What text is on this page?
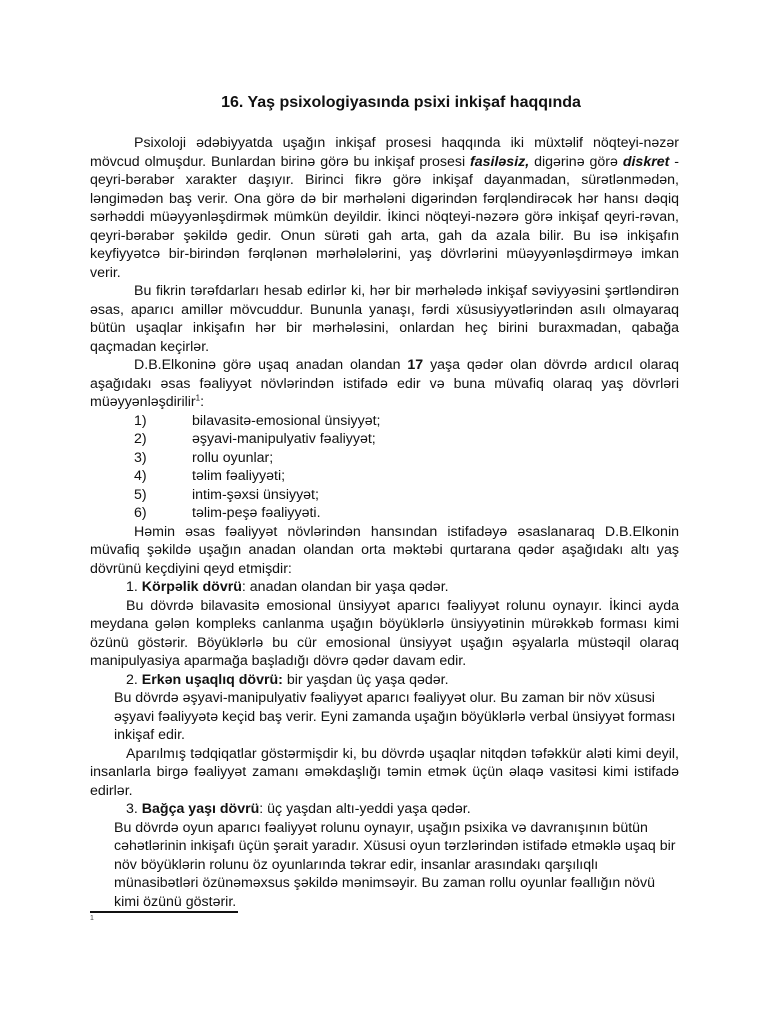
16. Yaş psixologiyasında psixi inkişaf haqqında

Psixoloji ədəbiyyatda uşağın inkişaf prosesi haqqında iki müxtəlif nöqteyi-nəzər mövcud olmuşdur. Bunlardan birinə görə bu inkişaf prosesi fasiləsiz, digərinə görə diskret - qeyri-bərabər xarakter daşıyır. Birinci fikrə görə inkişaf dayanmadan, sürətlənmədən, ləngimədən baş verir. Ona görə də bir mərhələni digərindən fərqləndirəcək hər hansı dəqiq sərhəddi müəyyənləşdirmək mümkün deyildir. İkinci nöqteyi-nəzərə görə inkişaf qeyri-rəvan, qeyri-bərabər şəkildə gedir. Onun sürəti gah arta, gah da azala bilir. Bu isə inkişafın keyfiyyətcə bir-birindən fərqlənən mərhələlərini, yaş dövrlərini müəyyənləşdirməyə imkan verir.

Bu fikrin tərəfdarları hesab edirlər ki, hər bir mərhələdə inkişaf səviyyəsini şərtləndirən əsas, aparıcı amillər mövcuddur. Bununla yanaşı, fərdi xüsusiyyətlərindən asılı olmayaraq bütün uşaqlar inkişafın hər bir mərhələsini, onlardan heç birini buraxmadan, qabağa qaçmadan keçirlər.

D.B.Elkoninə görə uşaq anadan olandan 17 yaşa qədər olan dövrdə ardıcıl olaraq aşağıdakı əsas fəaliyyət növlərindən istifadə edir və buna müvafiq olaraq yaş dövrləri müəyyənləşdirilir$^1$:

1)	bilavasitə-emosional ünsiyyət;
2)	əşyavi-manipulyativ fəaliyyət;
3)	rollu oyunlar;
4)	təlim fəaliyyəti;
5)	intim-şəxsi ünsiyyət;
6)	təlim-peşə fəaliyyəti.

Həmin əsas fəaliyyət növlərindən hansından istifadəyə əsaslanaraq D.B.Elkonin müvafiq şəkildə uşağın anadan olandan orta məktəbi qurtarana qədər aşağıdakı altı yaş dövrünü keçdiyini qeyd etmişdir:

1. Körpəlik dövrü: anadan olandan bir yaşa qədər.

Bu dövrdə bilavasitə emosional ünsiyyət aparıcı fəaliyyət rolunu oynayır. İkinci ayda meydana gələn kompleks canlanma uşağın böyüklərlə ünsiyyətinin mürəkkəb forması kimi özünü göstərir. Böyüklərlə bu cür emosional ünsiyyət uşağın əşyalarla müstəqil olaraq manipulyasiya aparmağa başladığı dövrə qədər davam edir.

2. Erkən uşaqlıq dövrü: bir yaşdan üç yaşa qədər.

Bu dövrdə əşyavi-manipulyativ fəaliyyət aparıcı fəaliyyət olur. Bu zaman bir növ xüsusi əşyavi fəaliyyətə keçid baş verir. Eyni zamanda uşağın böyüklərlə verbal ünsiyyət forması inkişaf edir.

Aparılmış tədqiqatlar göstərmişdir ki, bu dövrdə uşaqlar nitqdən təfəkkür aləti kimi deyil, insanlarla birgə fəaliyyət zamanı əməkdaşlığı təmin etmək üçün əlaqə vasitəsi kimi istifadə edirlər.

3. Bağça yaşı dövrü: üç yaşdan altı-yeddi yaşa qədər.

Bu dövrdə oyun aparıcı fəaliyyət rolunu oynayır, uşağın psixika və davranışının bütün cəhətlərinin inkişafı üçün şərait yaradır. Xüsusi oyun tərzlərindən istifadə etməklə uşaq bir növ böyüklərin rolunu öz oyunlarında təkrar edir, insanlar arasındakı qarşılıqlı münasibətləri özünəməxsus şəkildə mənimsəyir. Bu zaman rollu oyunlar fəallığın növü kimi özünü göstərir.

1
